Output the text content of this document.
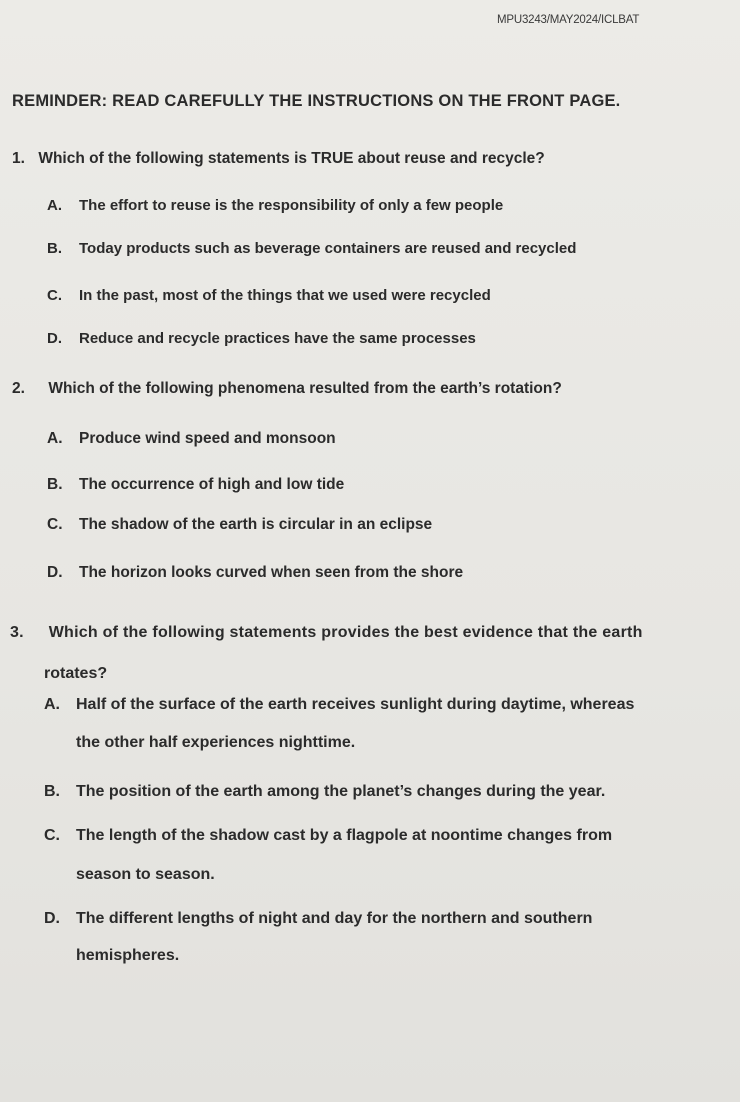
MPU3243/MAY2024/ICLBAT
REMINDER: READ CAREFULLY THE INSTRUCTIONS ON THE FRONT PAGE.
1. Which of the following statements is TRUE about reuse and recycle?
A. The effort to reuse is the responsibility of only a few people
B. Today products such as beverage containers are reused and recycled
C. In the past, most of the things that we used were recycled
D. Reduce and recycle practices have the same processes
2. Which of the following phenomena resulted from the earth’s rotation?
A. Produce wind speed and monsoon
B. The occurrence of high and low tide
C. The shadow of the earth is circular in an eclipse
D. The horizon looks curved when seen from the shore
3. Which of the following statements provides the best evidence that the earth
rotates?
A. Half of the surface of the earth receives sunlight during daytime, whereas
the other half experiences nighttime.
B. The position of the earth among the planet’s changes during the year.
C. The length of the shadow cast by a flagpole at noontime changes from
season to season.
D. The different lengths of night and day for the northern and southern
hemispheres.
